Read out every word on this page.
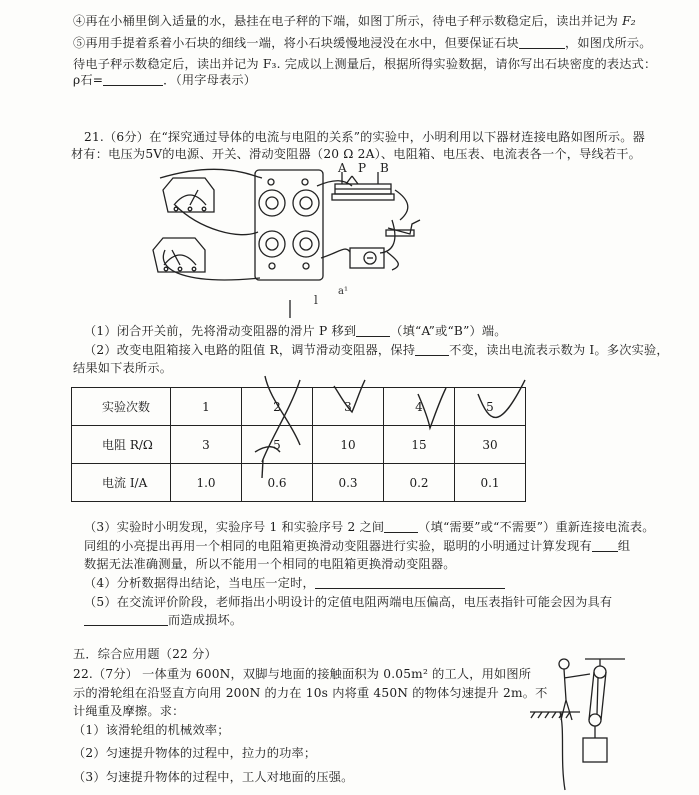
④再在小桶里倒入适量的水，悬挂在电子秤的下端，如图丁所示，待电子秤示数稳定后，读出并记为 F₂
⑤再用手提着系着小石块的细线一端，将小石块缓慢地浸没在水中，但要保证石块	，如图戊所示。
待电子秤示数稳定后，读出并记为 F₃. 完成以上测量后，根据所得实验数据，请你写出石块密度的表达式：
ρ石=	．（用字母表示）
21.（6分）在“探究通过导体的电流与电阻的关系”的实验中，小明利用以下器材连接电路如图所示。器
材有：电压为5V的电源、开关、滑动变阻器（20 Ω 2A）、电阻箱、电压表、电流表各一个，导线若干。
A P B
a¹
l
（1）闭合开关前，先将滑动变阻器的滑片 P 移到	（填“A”或“B”）端。
（2）改变电阻箱接入电路的阻值 R，调节滑动变阻器，保持	不变，读出电流表示数为 I。多次实验，
结果如下表所示。
实验次数	1	2	3	4	5
电阻 R/Ω	3	5	10	15	30
电流 I/A	1.0	0.6	0.3	0.2	0.1
（3）实验时小明发现，实验序号 1 和实验序号 2 之间	（填“需要”或“不需要”）重新连接电流表。
同组的小亮提出再用一个相同的电阻箱更换滑动变阻器进行实验，聪明的小明通过计算发现有 组
数据无法准确测量，所以不能用一个相同的电阻箱更换滑动变阻器。
（4）分析数据得出结论，当电压一定时，
（5）在交流评价阶段，老师指出小明设计的定值电阻两端电压偏高，电压表指针可能会因为具有
而造成损坏。
五．综合应用题（22 分）
22.（7分） 一体重为 600N，双脚与地面的接触面积为 0.05m² 的工人，用如图所
示的滑轮组在沿竖直方向用 200N 的力在 10s 内将重 450N 的物体匀速提升 2m。不
计绳重及摩擦。求：
（1）该滑轮组的机械效率；
（2）匀速提升物体的过程中，拉力的功率；
（3）匀速提升物体的过程中，工人对地面的压强。
